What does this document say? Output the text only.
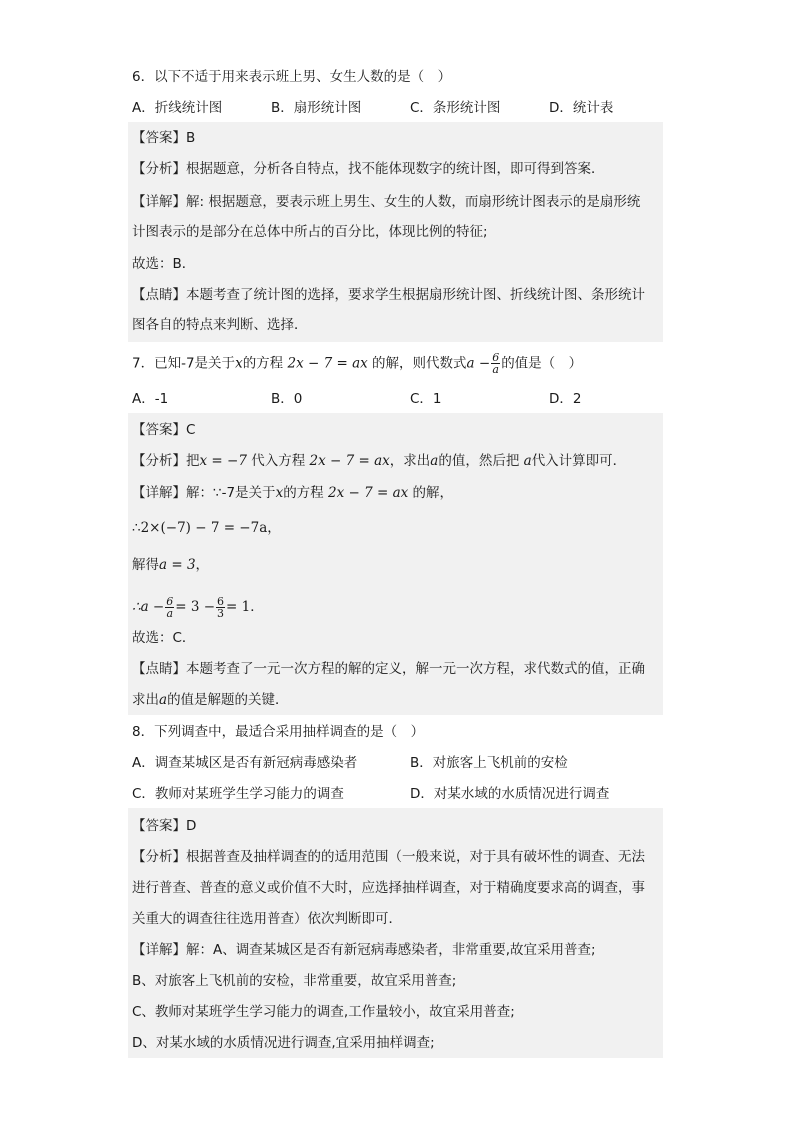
6．以下不适于用来表示班上男、女生人数的是（　）
A．折线统计图	B．扇形统计图	C．条形统计图	D．统计表
【答案】B
【分析】根据题意，分析各自特点，找不能体现数字的统计图，即可得到答案．
【详解】解: 根据题意，要表示班上男生、女生的人数，而扇形统计图表示的是扇形统
计图表示的是部分在总体中所占的百分比，体现比例的特征;
故选：B．
【点睛】本题考查了统计图的选择，要求学生根据扇形统计图、折线统计图、条形统计
图各自的特点来判断、选择．
7．已知-7是关于x的方程 2x − 7 = ax 的解，则代数式$a - \frac{6}{a}$ 的值是（　）
A．-1	B．0	C．1	D．2
【答案】C
【分析】把x = −7 代入方程 2x − 7 = ax，求出a的值，然后把 a代入计算即可．
【详解】解：∵-7是关于x的方程 2x − 7 = ax 的解，
∴2×(−7) − 7 = −7a，
解得a = 3，
∴a − $\frac{6}{a} = 3 - \frac{6}{3} = 1$．
故选：C．
【点睛】本题考查了一元一次方程的解的定义，解一元一次方程，求代数式的值，正确
求出a的值是解题的关键．
8．下列调查中，最适合采用抽样调查的是（　）
A．调查某城区是否有新冠病毒感染者	B．对旅客上飞机前的安检
C．教师对某班学生学习能力的调查	D．对某水域的水质情况进行调查
【答案】D
【分析】根据普查及抽样调查的的适用范围（一般来说，对于具有破坏性的调查、无法
进行普查、普查的意义或价值不大时，应选择抽样调查，对于精确度要求高的调查，事
关重大的调查往往选用普查）依次判断即可．
【详解】解：A、调查某城区是否有新冠病毒感染者，非常重要,故宜采用普查;
B、对旅客上飞机前的安检，非常重要，故宜采用普查;
C、教师对某班学生学习能力的调查,工作量较小，故宜采用普查;
D、对某水域的水质情况进行调查,宜采用抽样调查;
